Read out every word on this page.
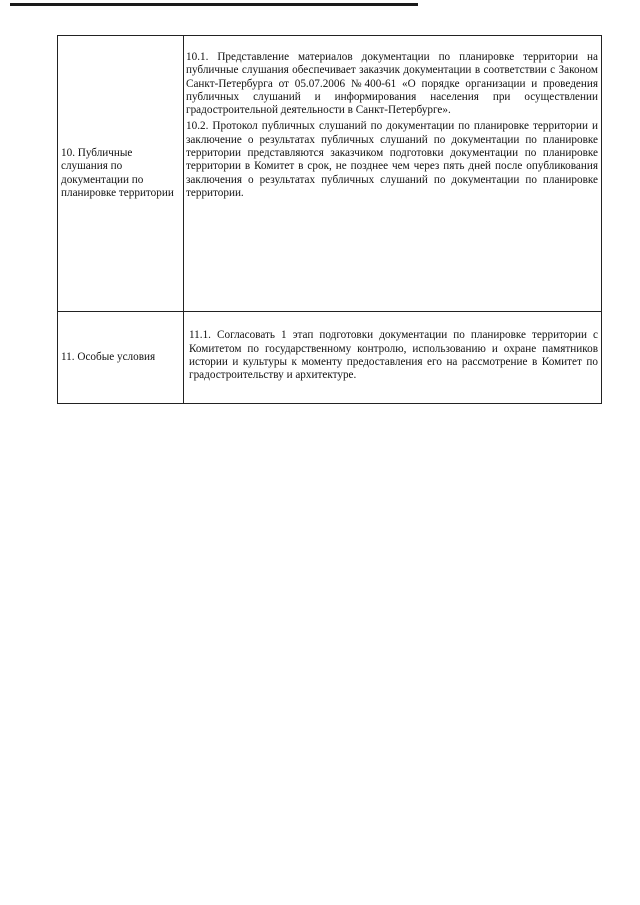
10. Публичные слушания по документации по планировке территории	10.1. Представление материалов документации по планировке территории на публичные слушания обеспечивает заказчик документации в соответствии с Законом Санкт-Петербурга от 05.07.2006 №400-61 «О порядке организации и проведения публичных слушаний и информирования населения при осуществлении градостроительной деятельности в Санкт-Петербурге».

10.2. Протокол публичных слушаний по документации по планировке территории и заключение о результатах публичных слушаний по документации по планировке территории представляются заказчиком подготовки документации по планировке территории в Комитет в срок, не позднее чем через пять дней после опубликования заключения о результатах публичных слушаний по документации по планировке территории.

11. Особые условия	11.1. Согласовать 1 этап подготовки документации по планировке территории с Комитетом по государственному контролю, использованию и охране памятников истории и культуры к моменту предоставления его на рассмотрение в Комитет по градостроительству и архитектуре.
